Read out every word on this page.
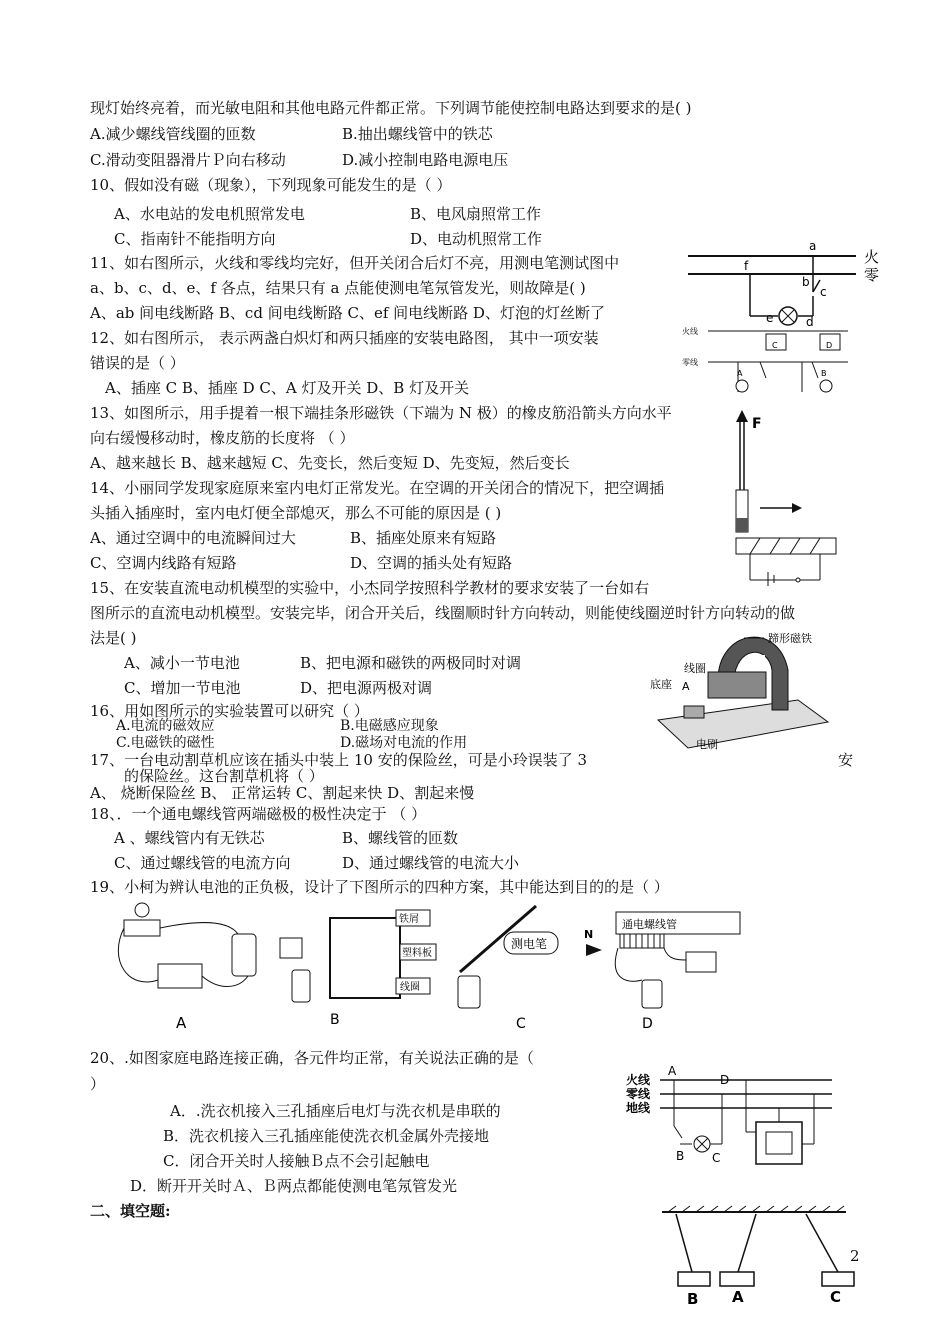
现灯始终亮着，而光敏电阻和其他电路元件都正常。下列调节能使控制电路达到要求的是( )
A.减少螺线管线圈的匝数	B.抽出螺线管中的铁芯
C.滑动变阻器滑片Ｐ向右移动	D.减小控制电路电源电压
10、假如没有磁（现象），下列现象可能发生的是（ ）
A、水电站的发电机照常发电	B、电风扇照常工作
C、指南针不能指明方向	D、电动机照常工作
11、如右图所示，火线和零线均完好，但开关闭合后灯不亮，用测电笔测试图中
a、b、c、d、e、f 各点，结果只有 a 点能使测电笔氖管发光，则故障是( )
A、ab 间电线断路 B、cd 间电线断路 C、ef 间电线断路 D、灯泡的灯丝断了
12、如右图所示， 表示两盏白炽灯和两只插座的安装电路图， 其中一项安装
错误的是（ ）
A、插座 C B、插座 D C、A 灯及开关 D、B 灯及开关
13、如图所示，用手提着一根下端挂条形磁铁（下端为 N 极）的橡皮筋沿箭头方向水平
向右缓慢移动时，橡皮筋的长度将 （ ）
A、越来越长 B、越来越短 C、先变长，然后变短 D、先变短，然后变长
14、小丽同学发现家庭原来室内电灯正常发光。在空调的开关闭合的情况下，把空调插
头插入插座时，室内电灯便全部熄灭，那么不可能的原因是 ( )
A、通过空调中的电流瞬间过大	B、插座处原来有短路
C、空调内线路有短路	D、空调的插头处有短路
15、在安装直流电动机模型的实验中，小杰同学按照科学教材的要求安装了一台如右
图所示的直流电动机模型。安装完毕，闭合开关后，线圈顺时针方向转动，则能使线圈逆时针方向转动的做
法是( )
A、减小一节电池	B、把电源和磁铁的两极同时对调
C、增加一节电池	D、把电源两极对调
16、用如图所示的实验装置可以研究（ ）
A.电流的磁效应	B.电磁感应现象
C.电磁铁的磁性	D.磁场对电流的作用
17、一台电动割草机应该在插头中装上 10 安的保险丝，可是小玲误装了 3	安
的保险丝。这台割草机将（ ）
A、 烧断保险丝 B、 正常运转 C、割起来快 D、割起来慢
18、．一个通电螺线管两端磁极的极性决定于 （ ）
A 、螺线管内有无铁芯	B、螺线管的匝数
C、通过螺线管的电流方向	D、通过螺线管的电流大小
19、小柯为辨认电池的正负极，设计了下图所示的四种方案，其中能达到目的的是（ ）
20、.如图家庭电路连接正确，各元件均正常，有关说法正确的是（
）
A．.洗衣机接入三孔插座后电灯与洗衣机是串联的
B．洗衣机接入三孔插座能使洗衣机金属外壳接地
C．闭合开关时人接触Ｂ点不会引起触电
D．断开开关时Ａ、Ｂ两点都能使测电笔氖管发光
二、填空题:
2
火
零
a
b
c
d
e
f
火线
零线
C	D
A	B
F
N
蹄形磁铁
线圈
底座 A
电刷
A
铁屑
塑料板
线圈
B
测电笔
C
N
通电螺线管
D
火线
零线
地线
A
D
B C
B A	C
